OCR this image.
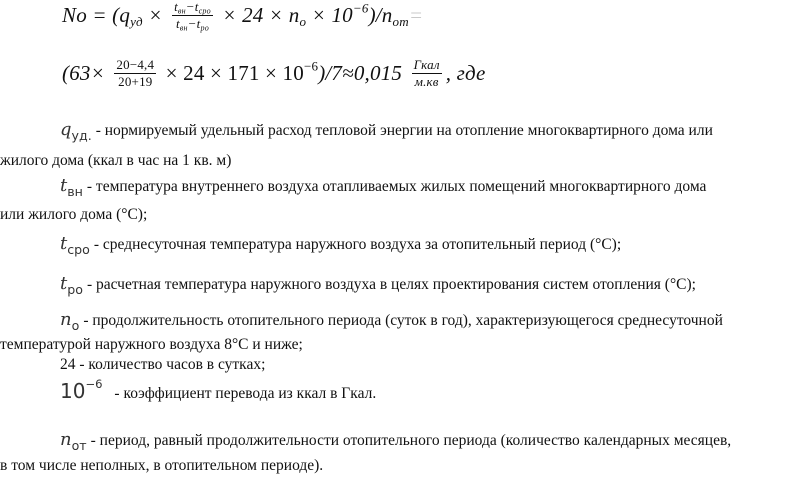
$No = (q_{уд} \times \frac{t_{вн}-t_{сро}}{t_{вн}-t_{ро}} \times 24 \times n_o \times 10^{-6})/n_{от}=$
$(63\times \frac{20-4,4}{20+19} \times 24 \times 171 \times 10^{-6})/7\approx 0,015 \frac{\text{Гкал}}{м.кв}$ , где
$q_{уд.}$ - нормируемый удельный расход тепловой энергии на отопление многоквартирного дома или
жилого дома (ккал в час на 1 кв. м)
$t_{вн}$ - температура внутреннего воздуха отапливаемых жилых помещений многоквартирного дома
или жилого дома (°С);
$t_{сро}$ - среднесуточная температура наружного воздуха за отопительный период (°С);
$t_{ро}$ - расчетная температура наружного воздуха в целях проектирования систем отопления (°С);
$n_о$ - продолжительность отопительного периода (суток в год), характеризующегося среднесуточной
температурой наружного воздуха 8°С и ниже;
24 - количество часов в сутках;
$10^{-6}$ - коэффициент перевода из ккал в Гкал.
$n_{от}$ - период, равный продолжительности отопительного периода (количество календарных месяцев,
в том числе неполных, в отопительном периоде).
